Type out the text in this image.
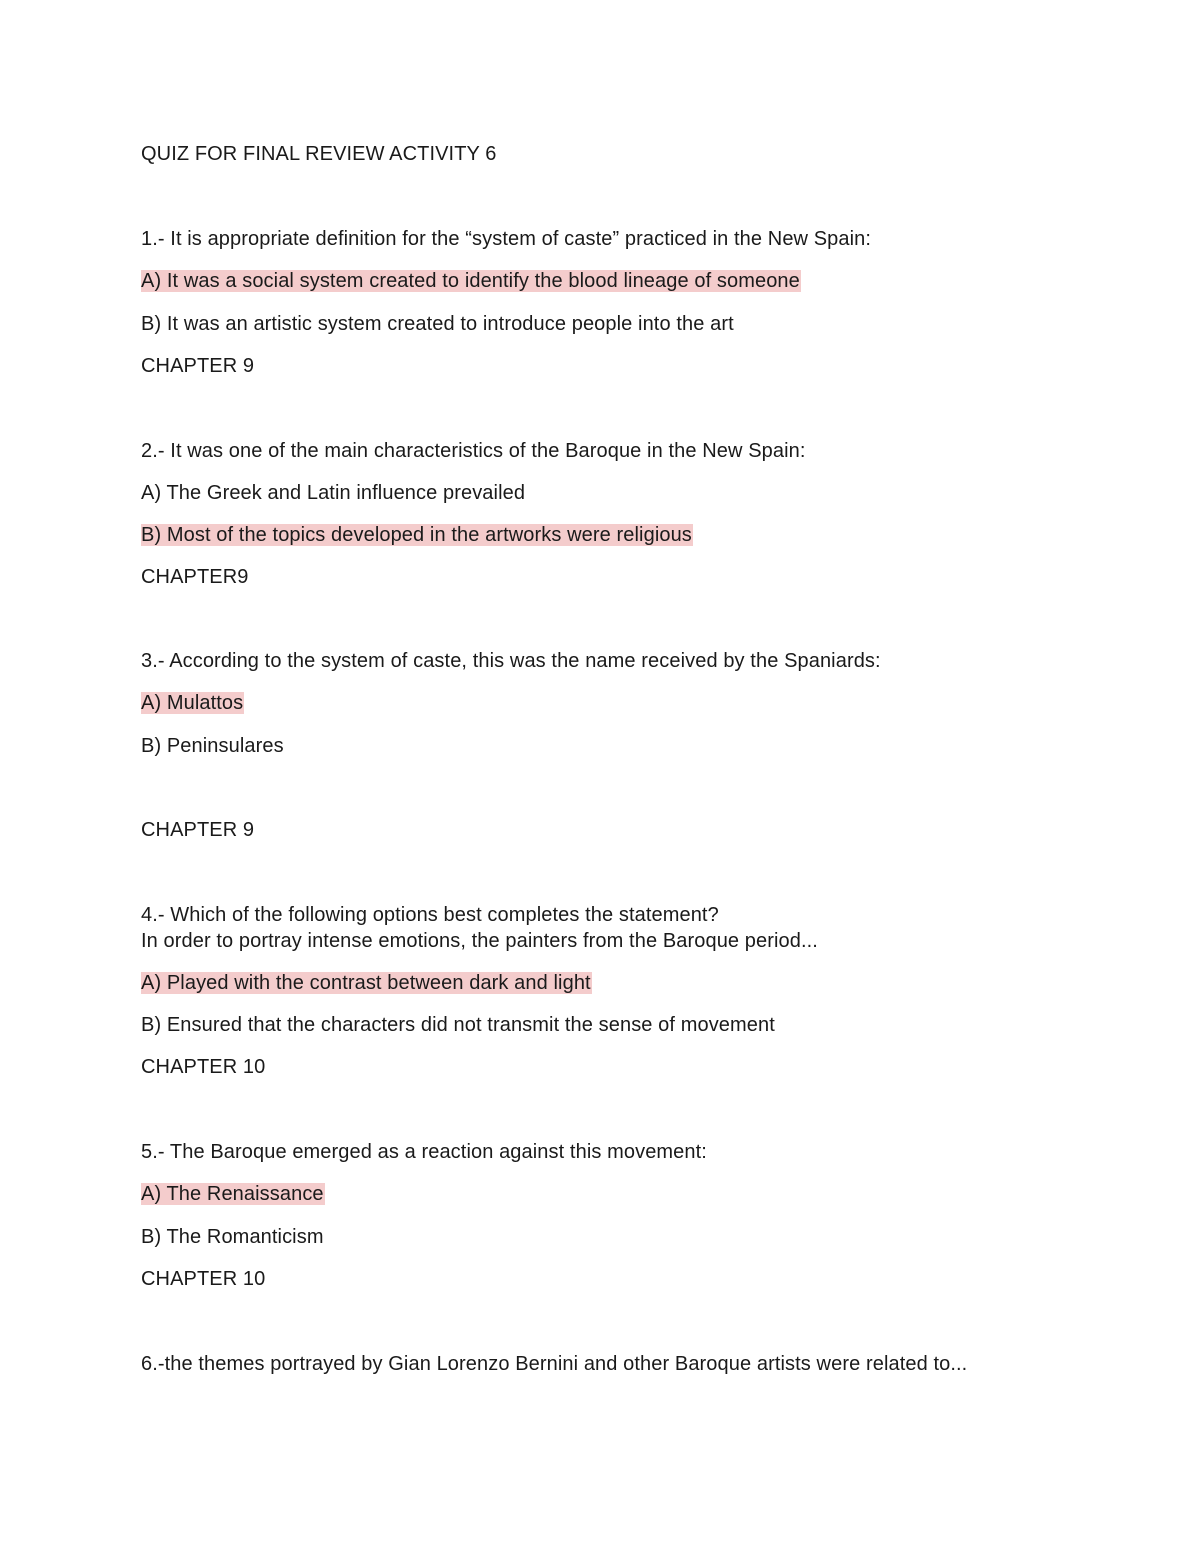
QUIZ FOR FINAL REVIEW ACTIVITY 6
1.- It is appropriate definition for the “system of caste” practiced in the New Spain:
A) It was a social system created to identify the blood lineage of someone
B) It was an artistic system created to introduce people into the art
CHAPTER 9
2.- It was one of the main characteristics of the Baroque in the New Spain:
A) The Greek and Latin influence prevailed
B) Most of the topics developed in the artworks were religious
CHAPTER9
3.- According to the system of caste, this was the name received by the Spaniards:
A) Mulattos
B) Peninsulares
CHAPTER 9
4.- Which of the following options best completes the statement?
In order to portray intense emotions, the painters from the Baroque period...
A) Played with the contrast between dark and light
B) Ensured that the characters did not transmit the sense of movement
CHAPTER 10
5.- The Baroque emerged as a reaction against this movement:
A) The Renaissance
B) The Romanticism
CHAPTER 10
6.-the themes portrayed by Gian Lorenzo Bernini and other Baroque artists were related to...
